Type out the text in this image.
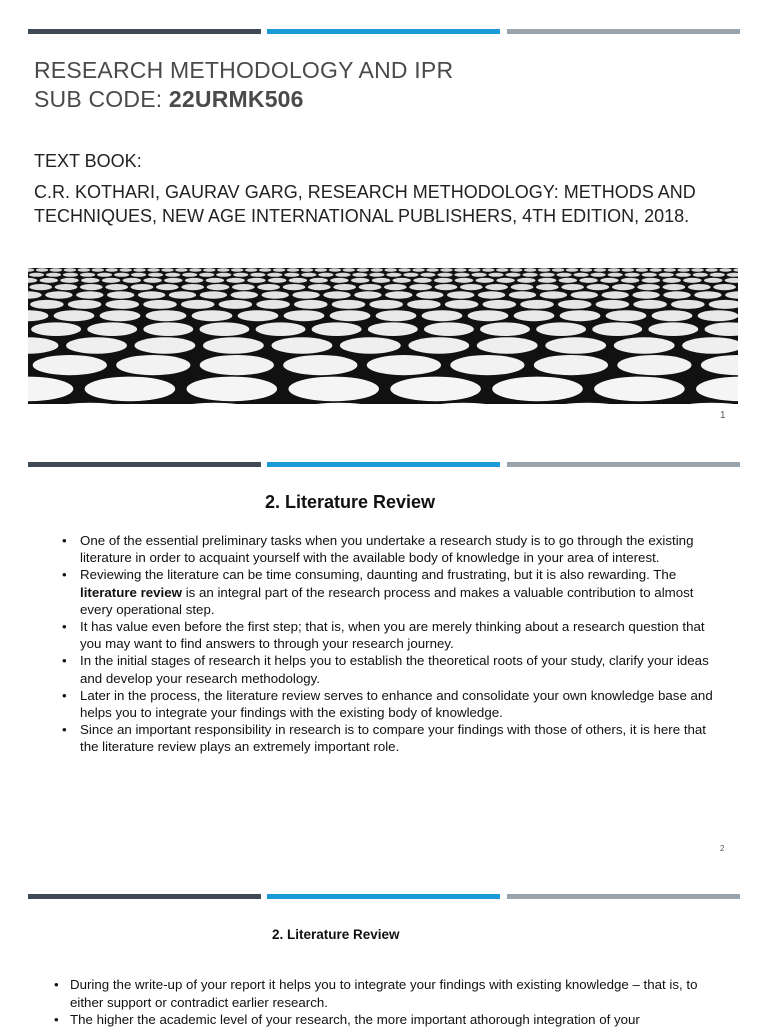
RESEARCH METHODOLOGY AND IPR
SUB CODE: 22URMK506
TEXT BOOK:
C.R. KOTHARI, GAURAV GARG, RESEARCH METHODOLOGY: METHODS AND TECHNIQUES, NEW AGE INTERNATIONAL PUBLISHERS, 4TH EDITION, 2018.
1
2. Literature Review
• One of the essential preliminary tasks when you undertake a research study is to go through the existing literature in order to acquaint yourself with the available body of knowledge in your area of interest.
• Reviewing the literature can be time consuming, daunting and frustrating, but it is also rewarding. The literature review is an integral part of the research process and makes a valuable contribution to almost every operational step.
• It has value even before the first step; that is, when you are merely thinking about a research question that you may want to find answers to through your research journey.
• In the initial stages of research it helps you to establish the theoretical roots of your study, clarify your ideas and develop your research methodology.
• Later in the process, the literature review serves to enhance and consolidate your own knowledge base and helps you to integrate your findings with the existing body of knowledge.
• Since an important responsibility in research is to compare your findings with those of others, it is here that the literature review plays an extremely important role.
2
2. Literature Review
• During the write-up of your report it helps you to integrate your findings with existing knowledge – that is, to either support or contradict earlier research.
• The higher the academic level of your research, the more important athorough integration of your
